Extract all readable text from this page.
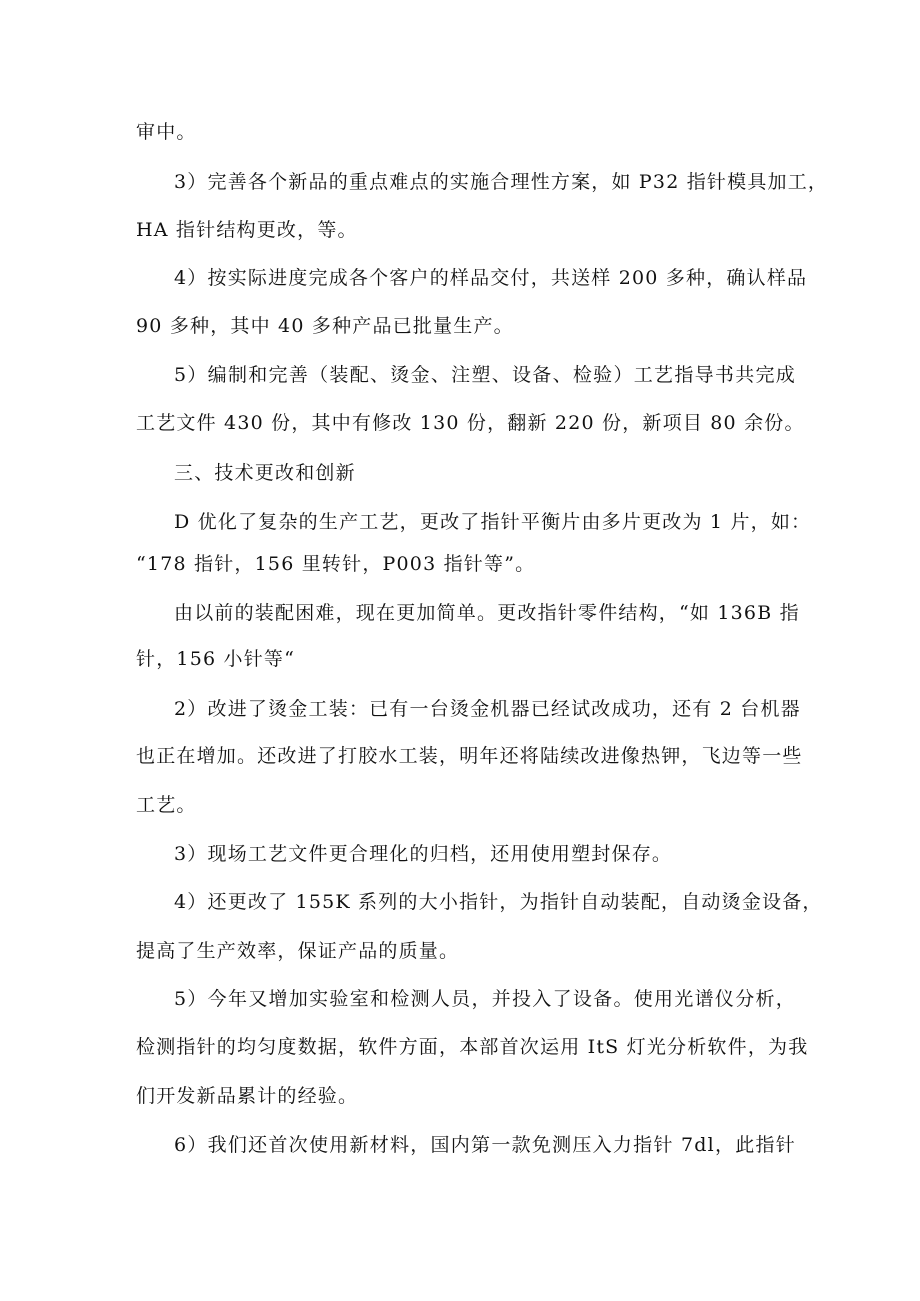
审中。
3）完善各个新品的重点难点的实施合理性方案，如 P32 指针模具加工，
HA 指针结构更改，等。
4）按实际进度完成各个客户的样品交付，共送样 200 多种，确认样品
90 多种，其中 40 多种产品已批量生产。
5）编制和完善（装配、烫金、注塑、设备、检验）工艺指导书共完成
工艺文件 430 份，其中有修改 130 份，翻新 220 份，新项目 80 余份。
三、技术更改和创新
D 优化了复杂的生产工艺，更改了指针平衡片由多片更改为 1 片，如：
“178 指针，156 里转针，P003 指针等”。
由以前的装配困难，现在更加简单。更改指针零件结构，“如 136B 指
针，156 小针等“
2）改进了烫金工装：已有一台烫金机器已经试改成功，还有 2 台机器
也正在增加。还改进了打胶水工装，明年还将陆续改进像热钾，飞边等一些
工艺。
3）现场工艺文件更合理化的归档，还用使用塑封保存。
4）还更改了 155K 系列的大小指针，为指针自动装配，自动烫金设备，
提高了生产效率，保证产品的质量。
5）今年又增加实验室和检测人员，并投入了设备。使用光谱仪分析，
检测指针的均匀度数据，软件方面，本部首次运用 ItS 灯光分析软件，为我
们开发新品累计的经验。
6）我们还首次使用新材料，国内第一款免测压入力指针 7dl，此指针
